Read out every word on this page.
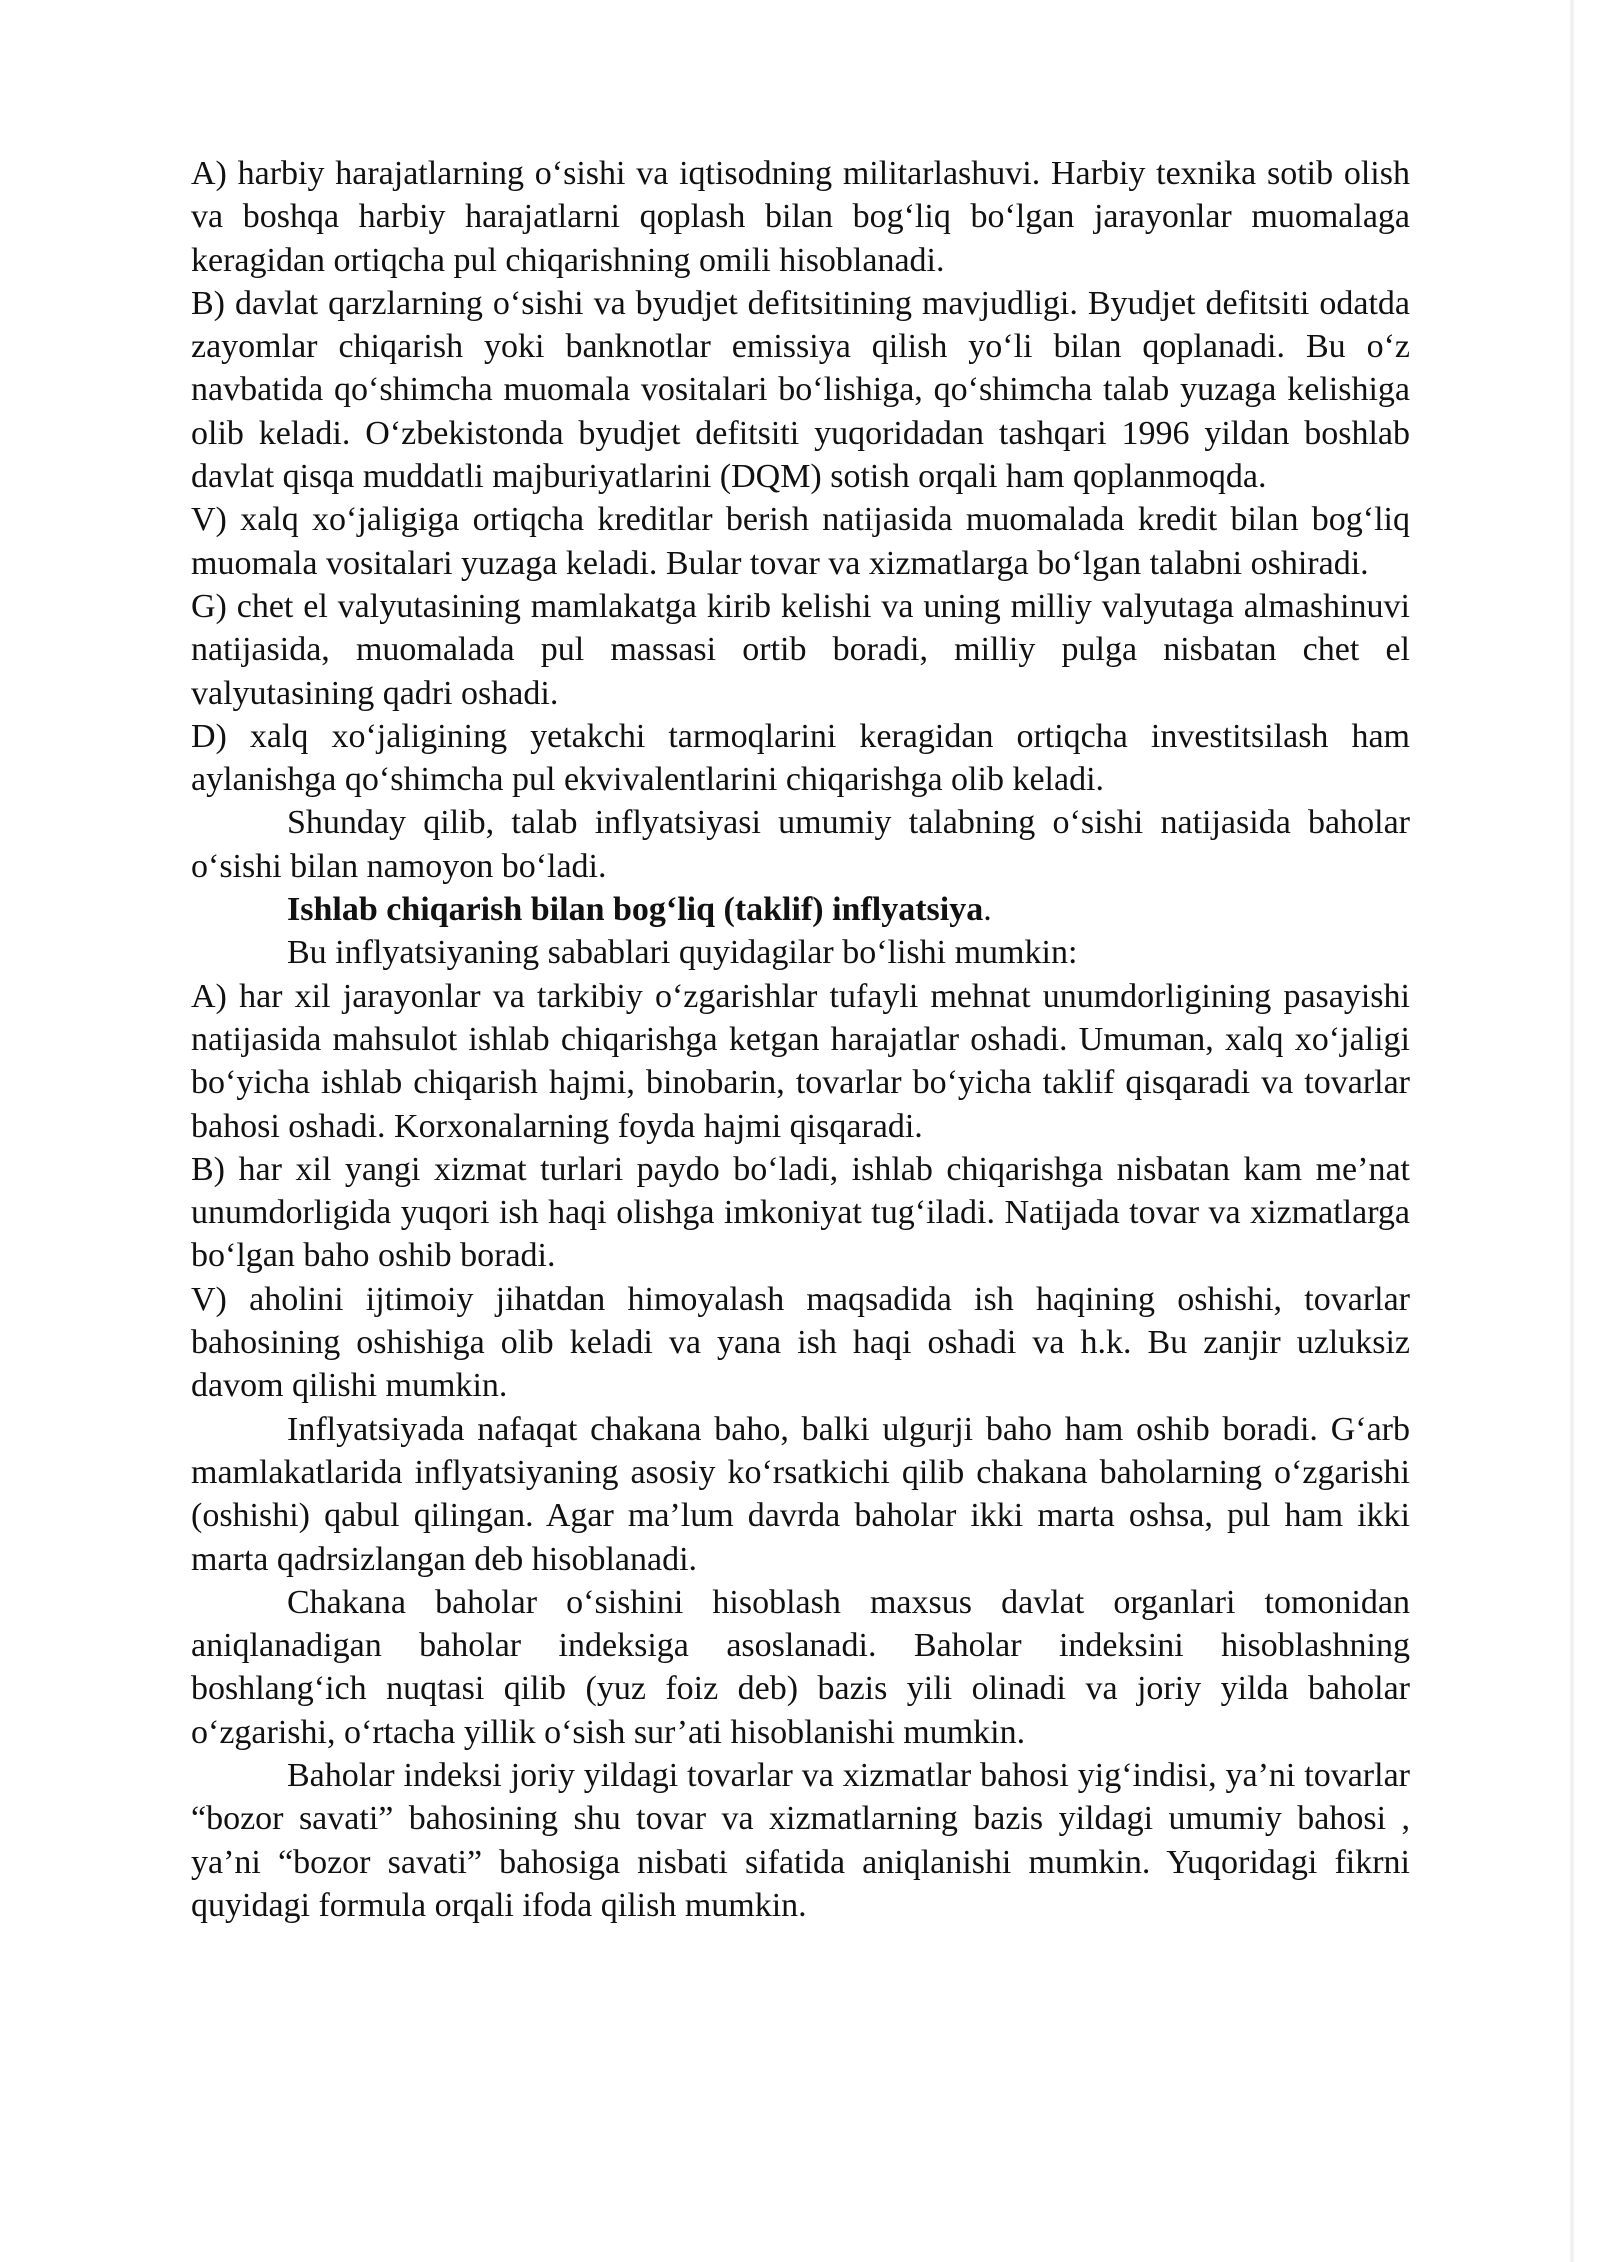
A) harbiy harajatlarning o‘sishi va iqtisodning militarlashuvi. Harbiy texnika sotib olish va boshqa harbiy harajatlarni qoplash bilan bog‘liq bo‘lgan jarayonlar muomalaga keragidan ortiqcha pul chiqarishning omili hisoblanadi.

B) davlat qarzlarning o‘sishi va byudjet defitsitining mavjudligi. Byudjet defitsiti odatda zayomlar chiqarish yoki banknotlar emissiya qilish yo‘li bilan qoplanadi. Bu o‘z navbatida qo‘shimcha muomala vositalari bo‘lishiga, qo‘shimcha talab yuzaga kelishiga olib keladi. O‘zbekistonda byudjet defitsiti yuqoridadan tashqari 1996 yildan boshlab davlat qisqa muddatli majburiyatlarini (DQM) sotish orqali ham qoplanmoqda.

V) xalq xo‘jaligiga ortiqcha kreditlar berish natijasida muomalada kredit bilan bog‘liq muomala vositalari yuzaga keladi. Bular tovar va xizmatlarga bo‘lgan talabni oshiradi.

G) chet el valyutasining mamlakatga kirib kelishi va uning milliy valyutaga almashinuvi natijasida, muomalada pul massasi ortib boradi, milliy pulga nisbatan chet el valyutasining qadri oshadi.

D) xalq xo‘jaligining yetakchi tarmoqlarini keragidan ortiqcha investitsilash ham aylanishga qo‘shimcha pul ekvivalentlarini chiqarishga olib keladi.

Shunday qilib, talab inflyatsiyasi umumiy talabning o‘sishi natijasida baholar o‘sishi bilan namoyon bo‘ladi.

Ishlab chiqarish bilan bog‘liq (taklif) inflyatsiya.

Bu inflyatsiyaning sabablari quyidagilar bo‘lishi mumkin:

A) har xil jarayonlar va tarkibiy o‘zgarishlar tufayli mehnat unumdorligining pasayishi natijasida mahsulot ishlab chiqarishga ketgan harajatlar oshadi. Umuman, xalq xo‘jaligi bo‘yicha ishlab chiqarish hajmi, binobarin, tovarlar bo‘yicha taklif qisqaradi va tovarlar bahosi oshadi. Korxonalarning foyda hajmi qisqaradi.

B) har xil yangi xizmat turlari paydo bo‘ladi, ishlab chiqarishga nisbatan kam me’nat unumdorligida yuqori ish haqi olishga imkoniyat tug‘iladi. Natijada tovar va xizmatlarga bo‘lgan baho oshib boradi.

V) aholini ijtimoiy jihatdan himoyalash maqsadida ish haqining oshishi, tovarlar bahosining oshishiga olib keladi va yana ish haqi oshadi va h.k. Bu zanjir uzluksiz davom qilishi mumkin.

Inflyatsiyada nafaqat chakana baho, balki ulgurji baho ham oshib boradi. G‘arb mamlakatlarida inflyatsiyaning asosiy ko‘rsatkichi qilib chakana baholarning o‘zgarishi (oshishi) qabul qilingan. Agar ma’lum davrda baholar ikki marta oshsa, pul ham ikki marta qadrsizlangan deb hisoblanadi.

Chakana baholar o‘sishini hisoblash maxsus davlat organlari tomonidan aniqlanadigan baholar indeksiga asoslanadi. Baholar indeksini hisoblashning boshlang‘ich nuqtasi qilib (yuz foiz deb) bazis yili olinadi va joriy yilda baholar o‘zgarishi, o‘rtacha yillik o‘sish sur’ati hisoblanishi mumkin.

Baholar indeksi joriy yildagi tovarlar va xizmatlar bahosi yig‘indisi, ya’ni tovarlar “bozor savati” bahosining shu tovar va xizmatlarning bazis yildagi umumiy bahosi , ya’ni “bozor savati” bahosiga nisbati sifatida aniqlanishi mumkin. Yuqoridagi fikrni quyidagi formula orqali ifoda qilish mumkin.
